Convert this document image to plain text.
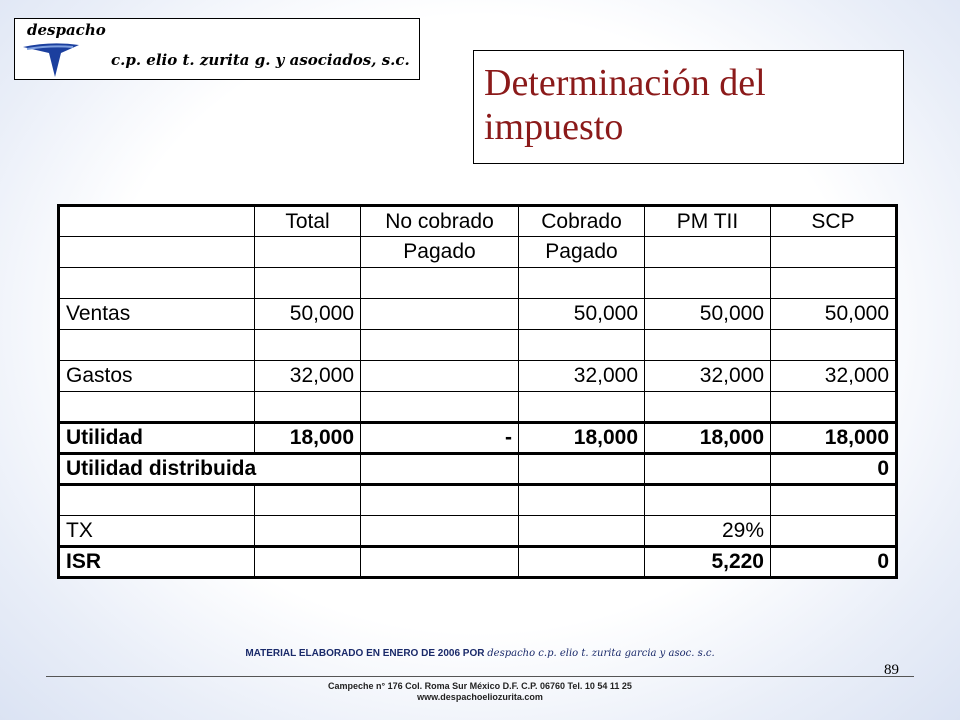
despacho
c.p. elio t. zurita g. y asociados, s.c.

Determinación del
impuesto

	Total	No cobrado	Cobrado	PM TII	SCP
		Pagado	Pagado		

Ventas	50,000		50,000	50,000	50,000

Gastos	32,000		32,000	32,000	32,000

Utilidad	18,000	-	18,000	18,000	18,000
Utilidad distribuida					0

TX				29%	
ISR				5,220	0
MATERIAL ELABORADO EN ENERO DE 2006 POR despacho c.p. elio t. zurita garcia y asoc. s.c.
89
Campeche n° 176 Col. Roma Sur México D.F. C.P. 06760 Tel. 10 54 11 25
www.despachoeliozurita.com
